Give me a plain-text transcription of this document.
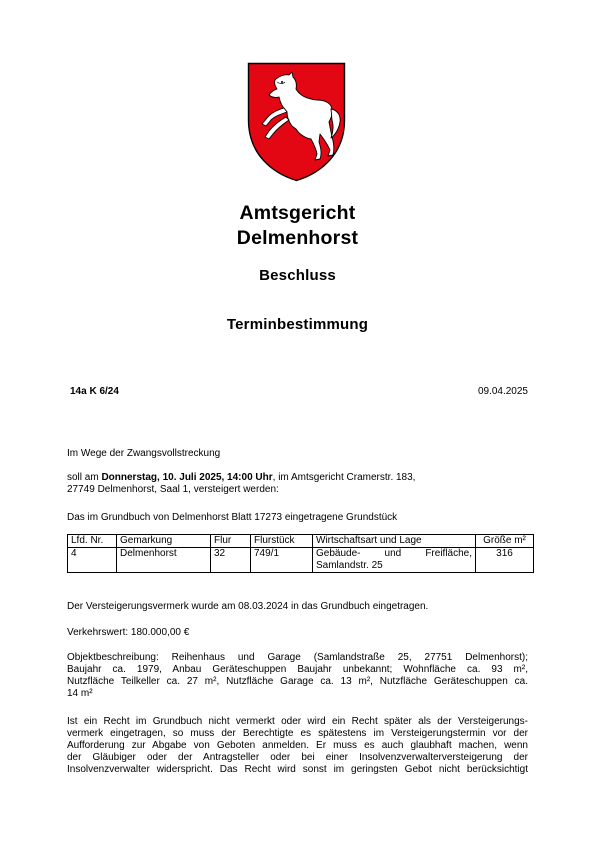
Amtsgericht
Delmenhorst
Beschluss
Terminbestimmung
14a K 6/24	09.04.2025
Im Wege der Zwangsvollstreckung
soll am Donnerstag, 10. Juli 2025, 14:00 Uhr, im Amtsgericht Cramerstr. 183,
27749 Delmenhorst, Saal 1, versteigert werden:
Das im Grundbuch von Delmenhorst Blatt 17273 eingetragene Grundstück
Lfd. Nr.	Gemarkung	Flur	Flurstück	Wirtschaftsart und Lage	Größe m²
4	Delmenhorst	32	749/1	Gebäude- und Freifläche, Samlandstr. 25	316
Der Versteigerungsvermerk wurde am 08.03.2024 in das Grundbuch eingetragen.
Verkehrswert: 180.000,00 €
Objektbeschreibung: Reihenhaus und Garage (Samlandstraße 25, 27751 Delmenhorst);
Baujahr ca. 1979, Anbau Geräteschuppen Baujahr unbekannt; Wohnfläche ca. 93 m²,
Nutzfläche Teilkeller ca. 27 m², Nutzfläche Garage ca. 13 m², Nutzfläche Geräteschuppen ca.
14 m²
Ist ein Recht im Grundbuch nicht vermerkt oder wird ein Recht später als der Versteigerungs-
vermerk eingetragen, so muss der Berechtigte es spätestens im Versteigerungstermin vor der
Aufforderung zur Abgabe von Geboten anmelden. Er muss es auch glaubhaft machen, wenn
der Gläubiger oder der Antragsteller oder bei einer Insolvenzverwalterversteigerung der
Insolvenzverwalter widerspricht. Das Recht wird sonst im geringsten Gebot nicht berücksichtigt
